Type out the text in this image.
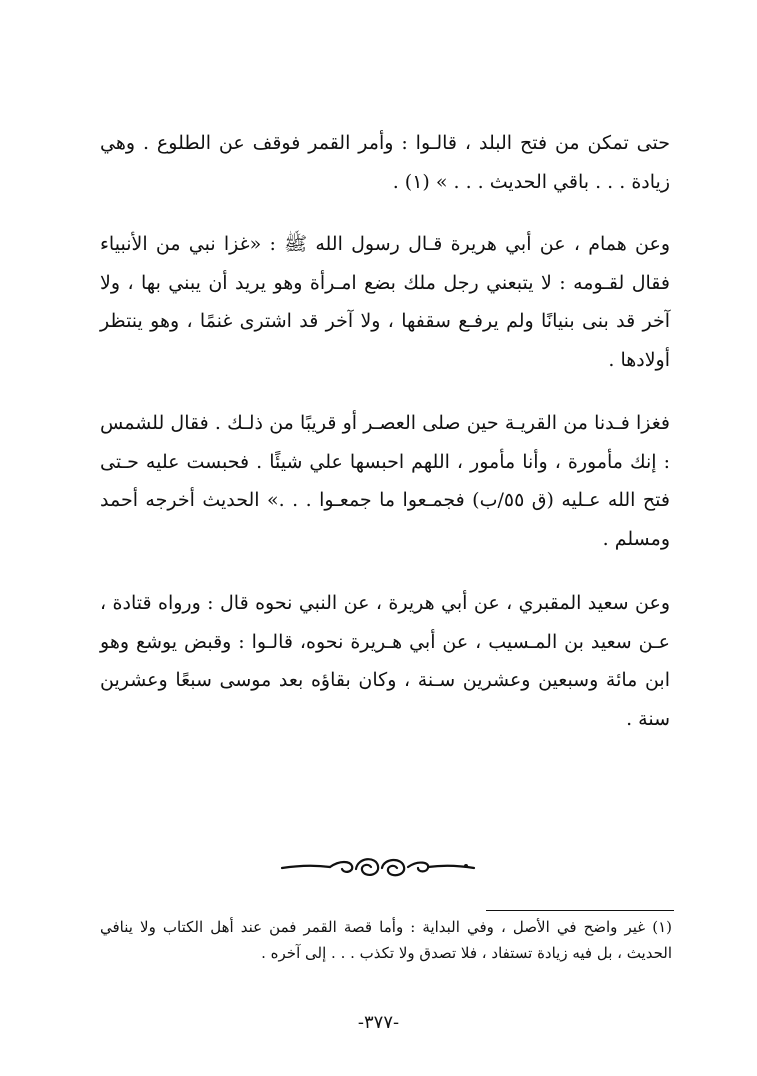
حتى تمكن من فتح البلد ، قالـوا : وأمر القمر فوقف عن الطلوع . وهي زيادة . . . باقي الحديث . . . » (١) .

وعن همام ، عن أبي هريرة قـال رسول الله ﷺ : «غزا نبي من الأنبياء فقال لقـومه : لا يتبعني رجل ملك بضع امـرأة وهو يريد أن يبني بها ، ولا آخر قد بنى بنيانًا ولم يرفـع سقفها ، ولا آخر قد اشترى غنمًا ، وهو ينتظر أولادها .

فغزا فـدنا من القريـة حين صلى العصـر أو قريبًا من ذلـك . فقال للشمس : إنك مأمورة ، وأنا مأمور ، اللهم احبسها علي شيئًا . فحبست عليه حـتى فتح الله عـليه (ق ٥٥/ب) فجمـعوا ما جمعـوا . . .» الحديث أخرجه أحمد ومسلم .

وعن سعيد المقبري ، عن أبي هريرة ، عن النبي نحوه قال : ورواه قتادة ، عـن سعيد بن المـسيب ، عن أبي هـريرة نحوه، قالـوا : وقبض يوشع وهو ابن مائة وسبعين وعشرين سـنة ، وكان بقاؤه بعد موسى سبعًا وعشرين سنة .

(١) غير واضح في الأصل ، وفي البداية : وأما قصة القمر فمن عند أهل الكتاب ولا ينافي الحديث ، بل فيه زيادة تستفاد ، فلا تصدق ولا تكذب . . . إلى آخره .

-٣٧٧-
